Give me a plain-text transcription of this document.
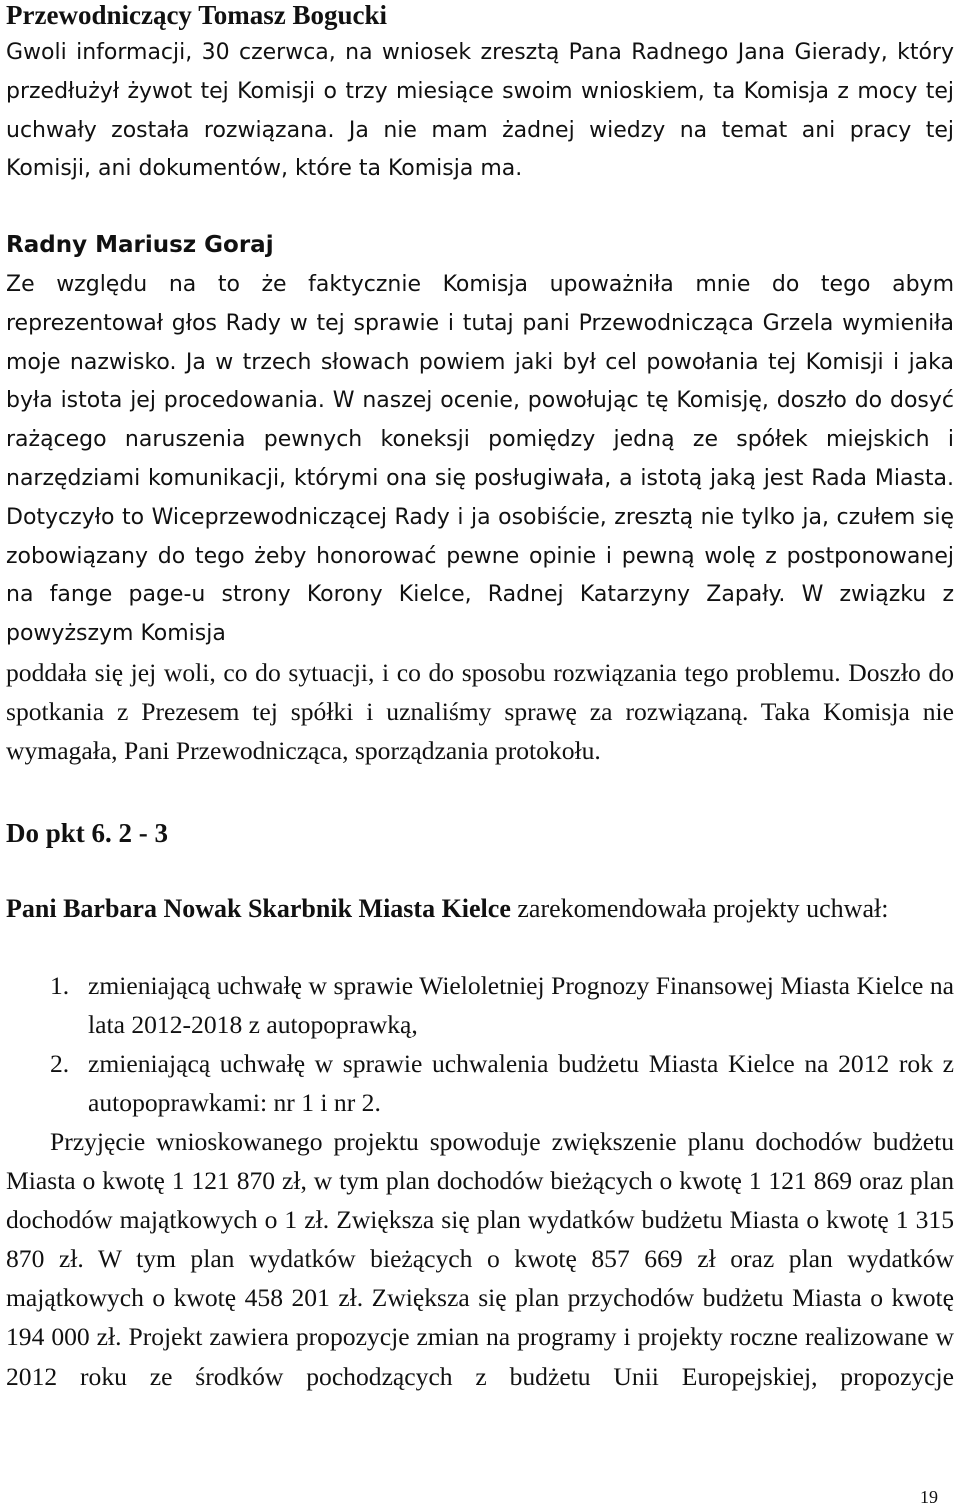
Przewodniczący Tomasz Bogucki

Gwoli informacji, 30 czerwca, na wniosek zresztą Pana Radnego Jana Gierady, który przedłużył żywot tej Komisji o trzy miesiące swoim wnioskiem, ta Komisja z mocy tej uchwały została rozwiązana. Ja nie mam żadnej wiedzy na temat ani pracy tej Komisji, ani dokumentów, które ta Komisja ma.

Radny Mariusz Goraj

Ze względu na to że faktycznie Komisja upoważniła mnie do tego abym reprezentował głos Rady w tej sprawie i tutaj pani Przewodnicząca Grzela wymieniła moje nazwisko. Ja w trzech słowach powiem jaki był cel powołania tej Komisji i jaka była istota jej procedowania. W naszej ocenie, powołując tę Komisję, doszło do dosyć rażącego naruszenia pewnych koneksji pomiędzy jedną ze spółek miejskich i narzędziami komunikacji, którymi ona się posługiwała, a istotą jaką jest Rada Miasta. Dotyczyło to Wiceprzewodniczącej Rady i ja osobiście, zresztą nie tylko ja, czułem się zobowiązany do tego żeby honorować pewne opinie i pewną wolę z postponowanej na fange page-u strony Korony Kielce, Radnej Katarzyny Zapały. W związku z powyższym Komisja

poddała się jej woli, co do sytuacji, i co do sposobu rozwiązania tego problemu. Doszło do spotkania z Prezesem tej spółki i uznaliśmy sprawę za rozwiązaną. Taka Komisja nie wymagała, Pani Przewodnicząca, sporządzania protokołu.

Do pkt 6. 2 - 3

Pani Barbara Nowak Skarbnik Miasta Kielce zarekomendowała projekty uchwał:

1. zmieniającą uchwałę w sprawie Wieloletniej Prognozy Finansowej Miasta Kielce na lata 2012-2018 z autopoprawką,
2. zmieniającą uchwałę w sprawie uchwalenia budżetu Miasta Kielce na 2012 rok z autopoprawkami: nr 1 i nr 2.

Przyjęcie wnioskowanego projektu spowoduje zwiększenie planu dochodów budżetu Miasta o kwotę 1 121 870 zł, w tym plan dochodów bieżących o kwotę 1 121 869 oraz plan dochodów majątkowych o 1 zł. Zwiększa się plan wydatków budżetu Miasta o kwotę 1 315 870 zł. W tym plan wydatków bieżących o kwotę 857 669 zł oraz plan wydatków majątkowych o kwotę 458 201 zł. Zwiększa się plan przychodów budżetu Miasta o kwotę 194 000 zł. Projekt zawiera propozycje zmian na programy i projekty roczne realizowane w 2012 roku ze środków pochodzących z budżetu Unii Europejskiej, propozycje

19
